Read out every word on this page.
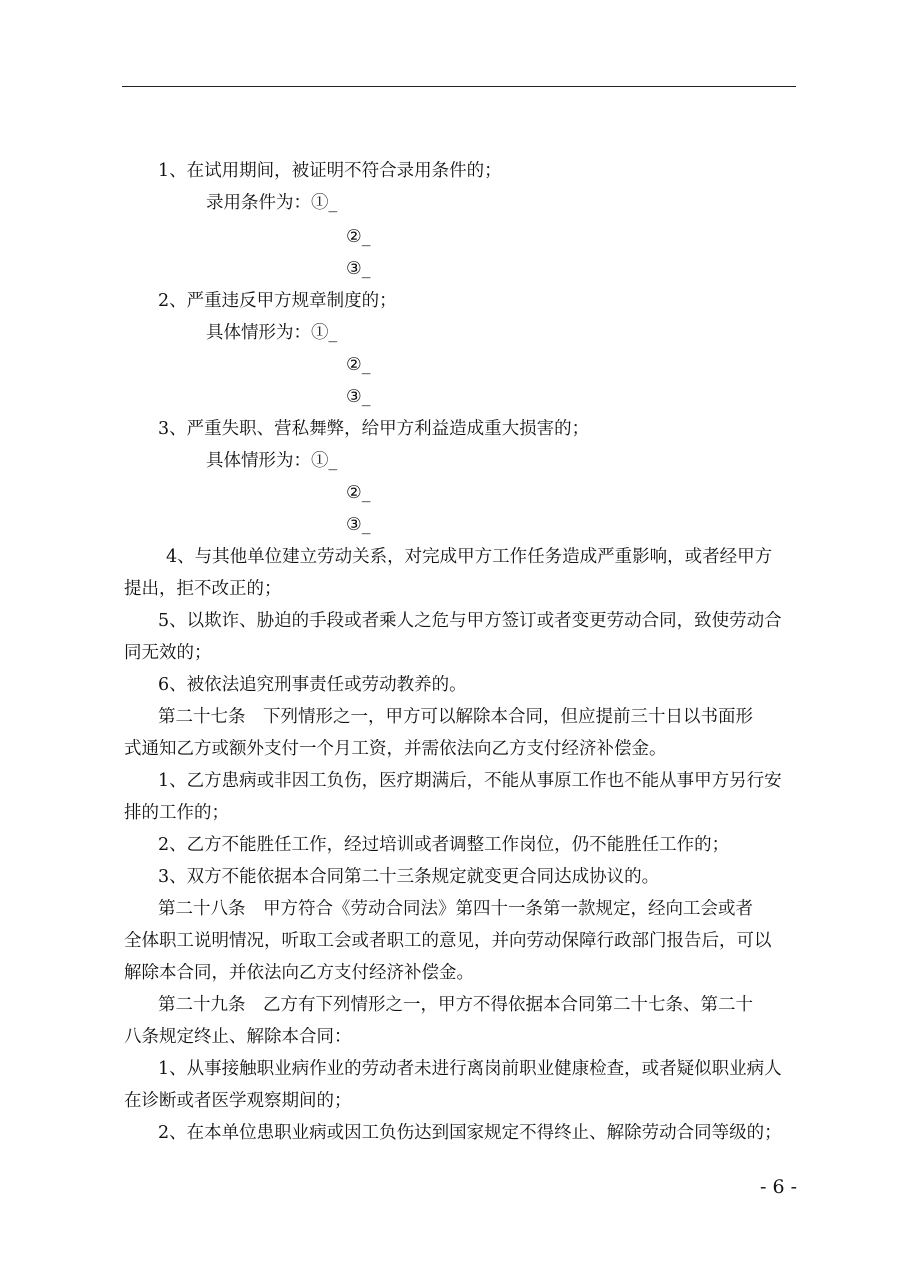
1、在试用期间，被证明不符合录用条件的；
录用条件为：①_
②_
③_
2、严重违反甲方规章制度的；
具体情形为：①_
②_
③_
3、严重失职、营私舞弊，给甲方利益造成重大损害的；
具体情形为：①_
②_
③_
4、与其他单位建立劳动关系，对完成甲方工作任务造成严重影响，或者经甲方
提出，拒不改正的；
5、以欺诈、胁迫的手段或者乘人之危与甲方签订或者变更劳动合同，致使劳动合
同无效的；
6、被依法追究刑事责任或劳动教养的。
第二十七条　下列情形之一，甲方可以解除本合同，但应提前三十日以书面形
式通知乙方或额外支付一个月工资，并需依法向乙方支付经济补偿金。
1、乙方患病或非因工负伤，医疗期满后，不能从事原工作也不能从事甲方另行安
排的工作的；
2、乙方不能胜任工作，经过培训或者调整工作岗位，仍不能胜任工作的；
3、双方不能依据本合同第二十三条规定就变更合同达成协议的。
第二十八条　甲方符合《劳动合同法》第四十一条第一款规定，经向工会或者
全体职工说明情况，听取工会或者职工的意见，并向劳动保障行政部门报告后，可以
解除本合同，并依法向乙方支付经济补偿金。
第二十九条　乙方有下列情形之一，甲方不得依据本合同第二十七条、第二十
八条规定终止、解除本合同：
1、从事接触职业病作业的劳动者未进行离岗前职业健康检查，或者疑似职业病人
在诊断或者医学观察期间的；
2、在本单位患职业病或因工负伤达到国家规定不得终止、解除劳动合同等级的；
- 6 -
